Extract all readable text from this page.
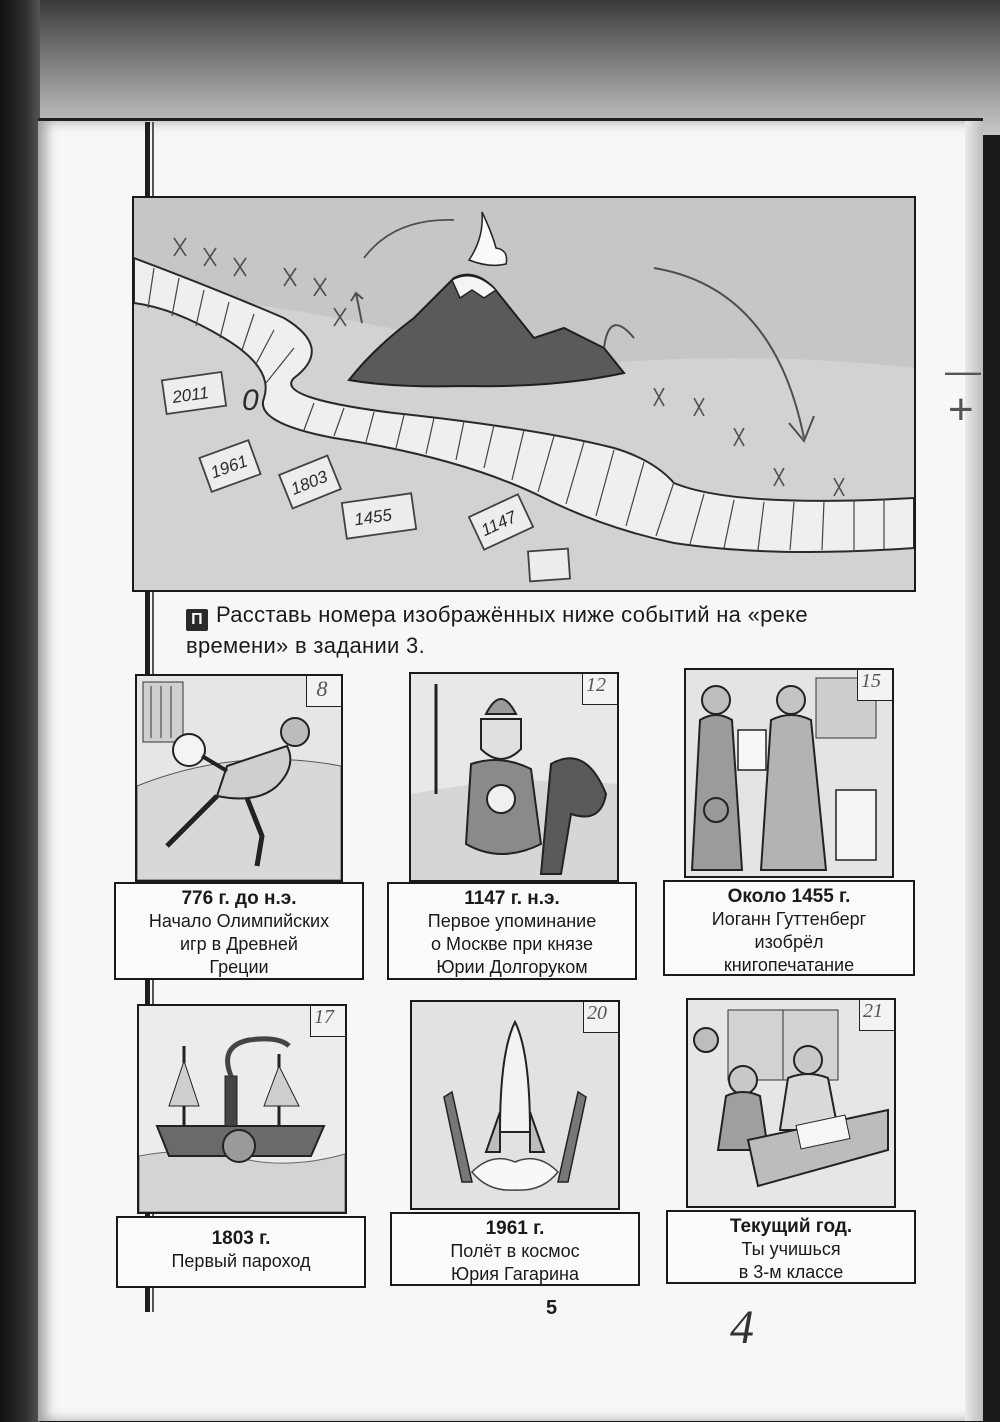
2011 0
1961
1803
1455	1147
П Расставь номера изображённых ниже событий на «реке времени» в задании 3.
776 г. до н.э.
Начало Олимпийских
игр в Древней
Греции
1147 г. н.э.
Первое упоминание
о Москве при князе
Юрии Долгоруком
Около 1455 г.
Иоганн Гуттенберг
изобрёл
книгопечатание
1803 г.
Первый пароход
1961 г.
Полёт в космос
Юрия Гагарина
Текущий год.
Ты учишься
в 3-м классе
8	12	15
17	20	21
—
+
5	4
